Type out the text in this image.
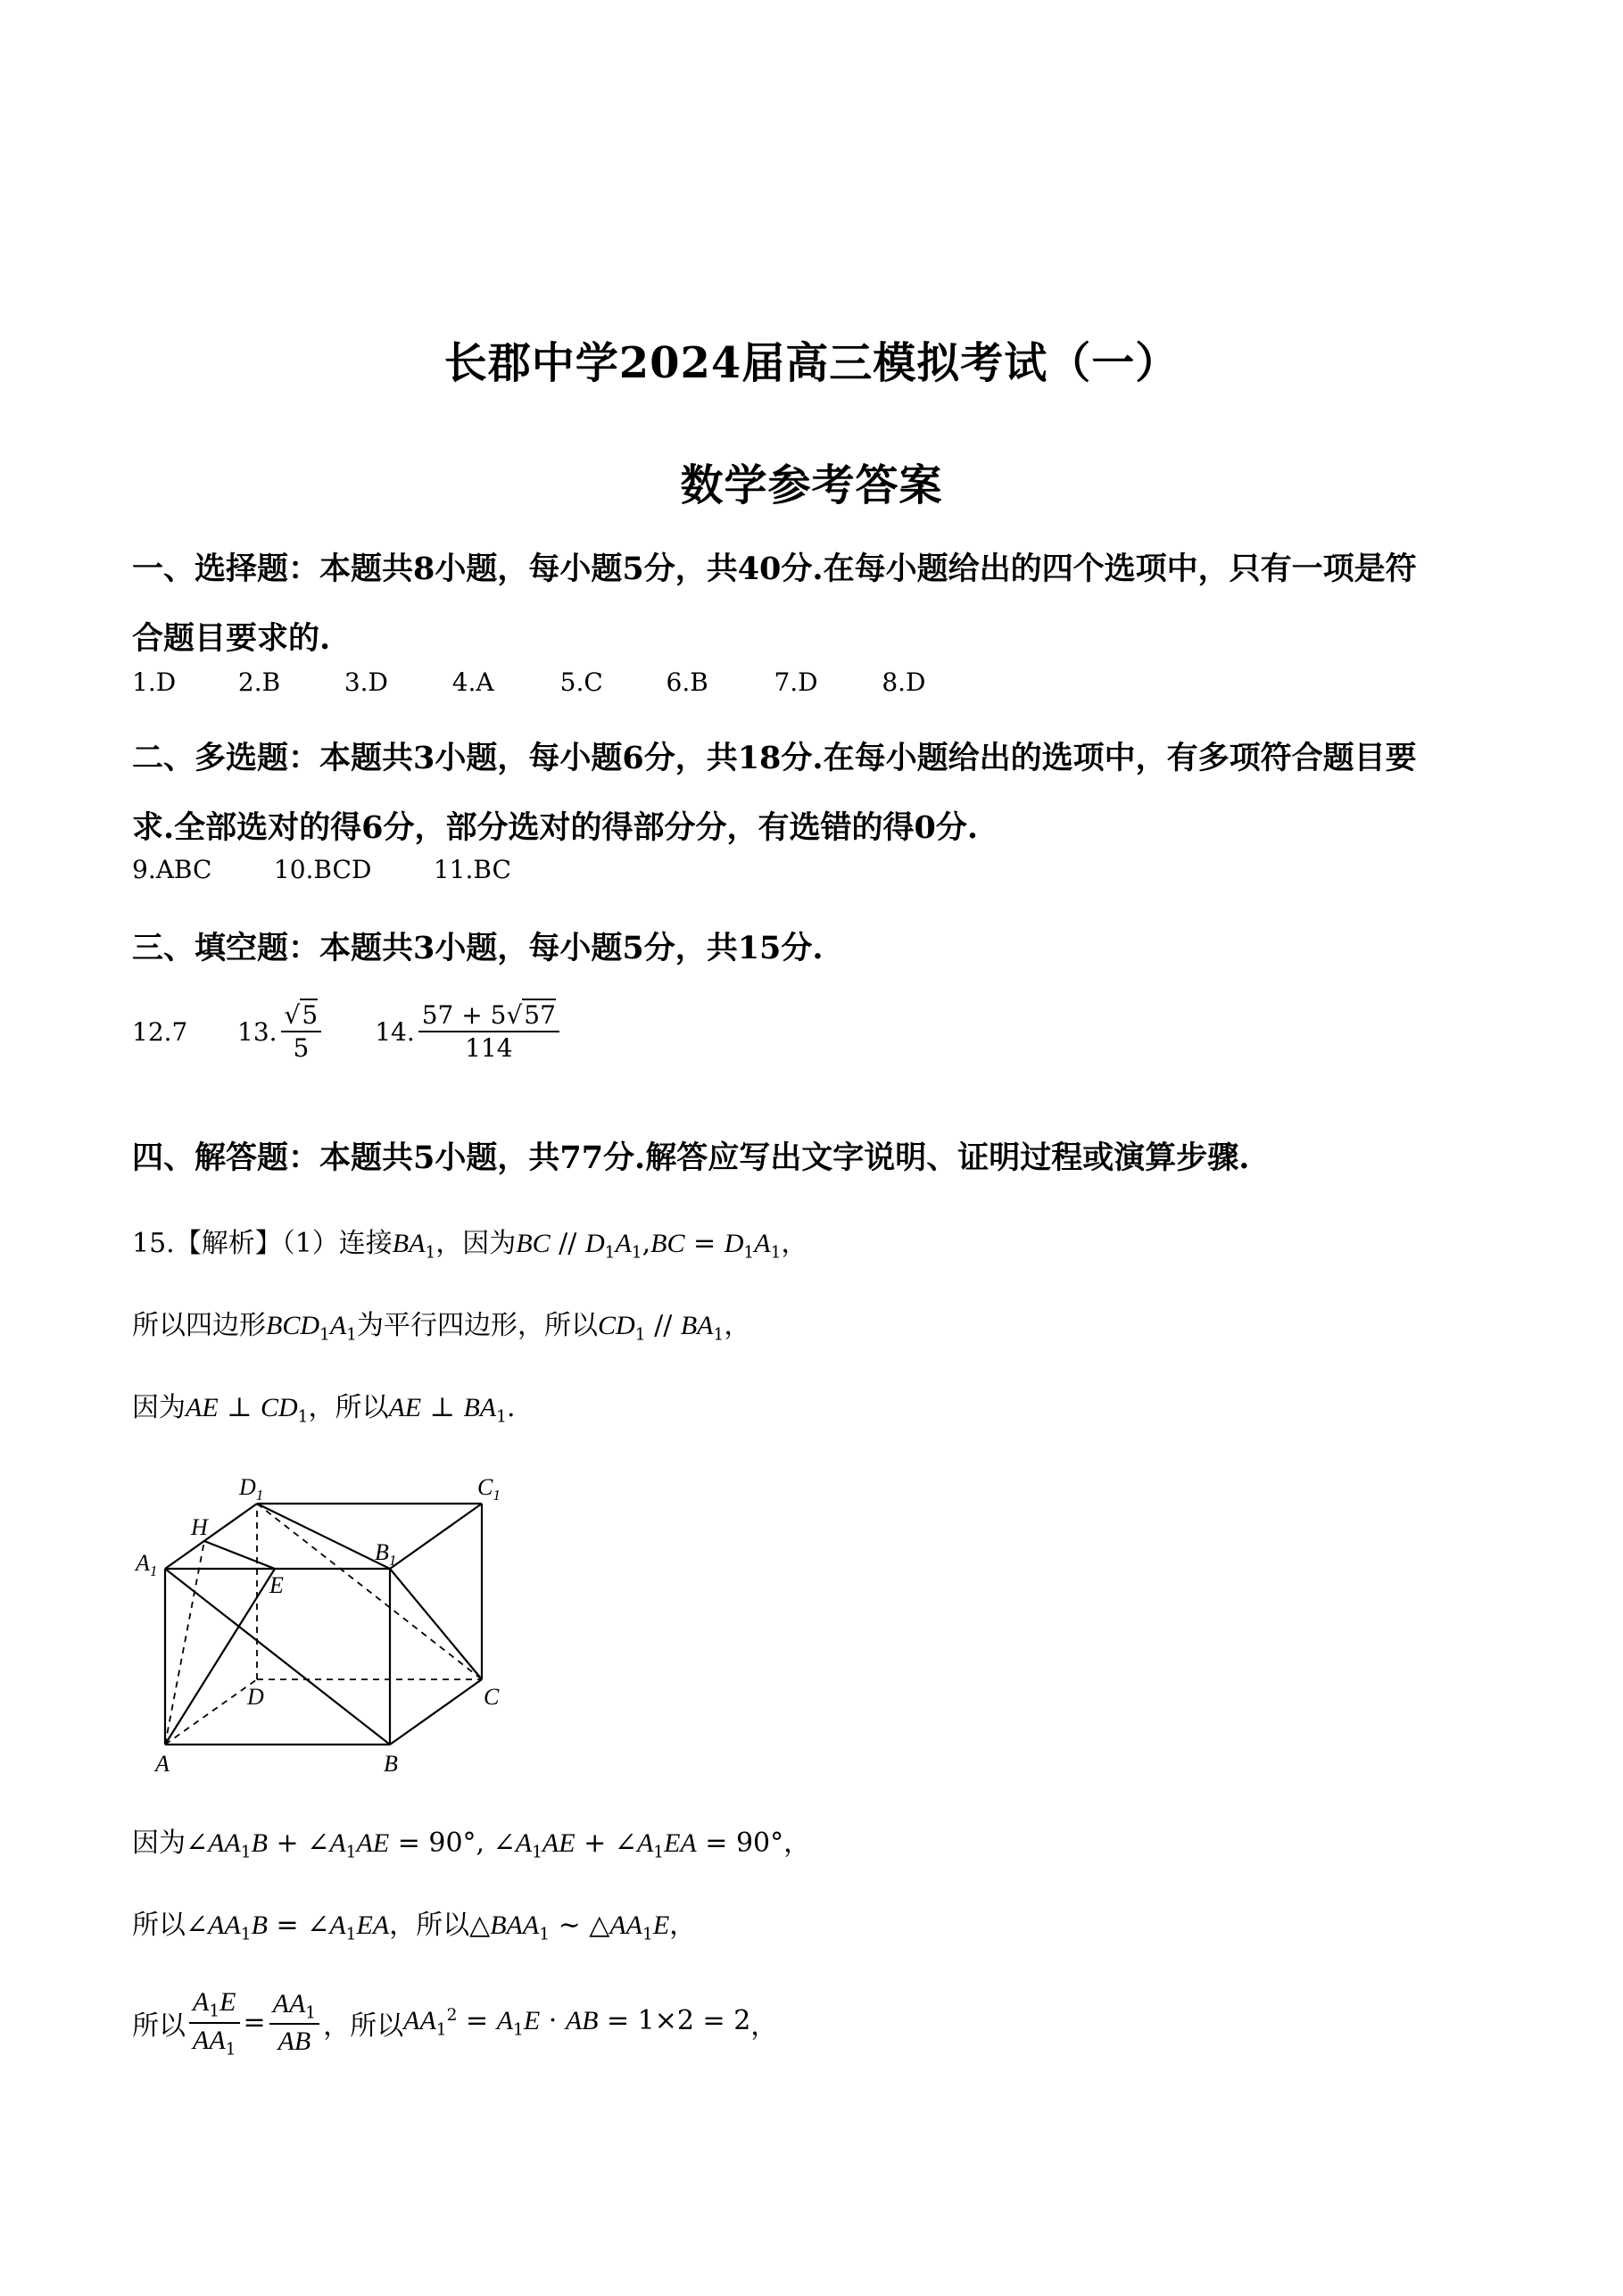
长郡中学2024届高三模拟考试（一）
数学参考答案
一、选择题：本题共8小题，每小题5分，共40分.在每小题给出的四个选项中，只有一项是符
合题目要求的.
1.D 2.B	3.D	4.A	5.C	6.B	7.D	8.D
二、多选题：本题共3小题，每小题6分，共18分.在每小题给出的选项中，有多项符合题目要
求.全部选对的得6分，部分选对的得部分分，有选错的得0分.
9.ABC 10.BCD 11.BC
三、填空题：本题共3小题，每小题5分，共15分.
12.7	13. $\frac{√5}{5} 14$. $\frac{57 + 5√57}{114}$
四、解答题：本题共5小题，共77分.解答应写出文字说明、证明过程或演算步骤.
15.【解析】（1）连接$BA_1$，因为BC // $D_1A_1,BC = D_1A_1$，
所以四边形$BCD_1A_1$为平行四边形，所以$CD_1 // BA_1$，
因为AE ⊥ $CD_1$，所以AE ⊥ $BA_1$.
$D_1$	$C_1$
H
$B_1$
$A_1$
E
D	C
A	B
因为$\angle AA_1B$ + $\angle A_1AE = 90^\circ$, $\angle A_1AE$ + $\angle A_1EA = 90^\circ$，
所以$\angle AA_1B$ = $\angle A_1EA$，所以$\triangle BAA_1$ ∼ $\triangle AA_1E$，
所以 $\frac{A_1E}{AA_1} = \frac{AA_1}{AB}$ ， 所以 $AA_1^2 = A_1E$ · AB = 1×2 = 2 ，
